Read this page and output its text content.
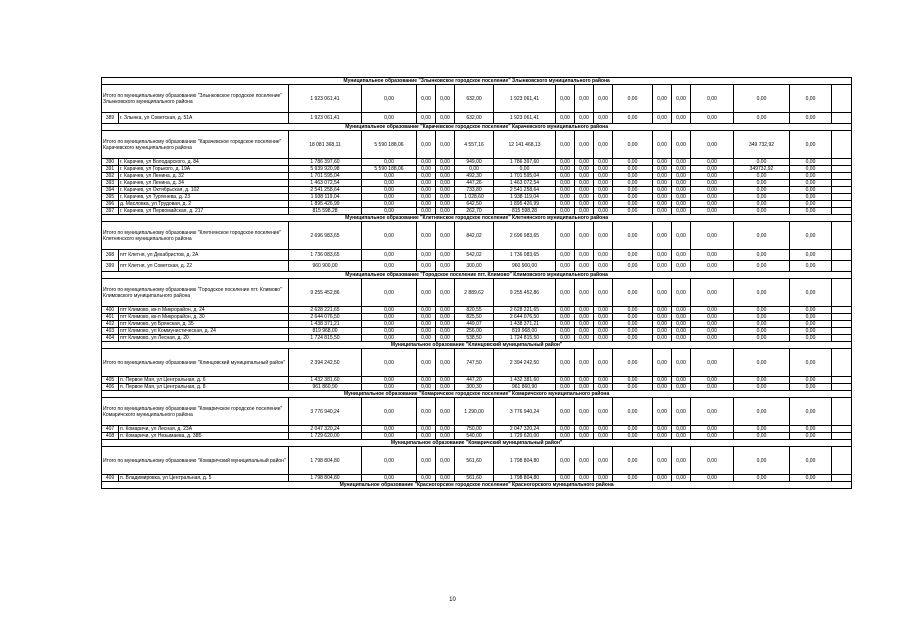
Муниципальное образование "Злынковское городское поселение" Злынковского муниципального района																	
Итого по муниципальному образованию "Злынковское городское поселение" Злынковского муниципального района		1 923 061,41	0,00	0,00	0,00	632,00	1 923 061,41	0,00	0,00	0,00	0,00	0,00	0,00	0,00	0,00	0,00	
389	г. Злынка, ул Советская, д. 51А	1 923 061,41	0,00	0,00	0,00	632,00	1 923 061,41	0,00	0,00	0,00	0,00	0,00	0,00	0,00	0,00	0,00	
Муниципальное образование "Карачевское городское поселение" Карачевского муниципального района																	
Итого по муниципальному образованию "Карачевское городское поселение" Карачевского муниципального района		18 081 368,11	5 590 188,06	0,00	0,00	4 557,16	12 141 468,13	0,00	0,00	0,00	0,00	0,00	0,00	0,00	349 732,92	0,00	
390	г. Карачев, ул Володарского, д. 84	1 786 397,60	0,00	0,00	0,00	949,00	1 786 397,60	0,00	0,00	0,00	0,00	0,00	0,00	0,00	0,00	0,00	
391	г. Карачев, ул Горького, д. 19А	5 939 920,98	5 590 188,06	0,00	0,00	0,00	0,00	0,00	0,00	0,00	0,00	0,00	0,00	0,00	349732,92	0,00	
392	г. Карачев, ул Ленина, д. 32	1 701 595,04	0,00	0,00	0,00	492,30	1 701 595,04	0,00	0,00	0,00	0,00	0,00	0,00	0,00	0,00	0,00	
393	г. Карачев, ул Ленина, д. 34	1 463 072,54	0,00	0,00	0,00	447,26	1 463 072,54	0,00	0,00	0,00	0,00	0,00	0,00	0,00	0,00	0,00	
394	г. Карачев, ул Октябрьская, д. 102	2 541 258,64	0,00	0,00	0,00	733,80	2 541 258,64	0,00	0,00	0,00	0,00	0,00	0,00	0,00	0,00	0,00	
395	г. Карачев, ул Тургенева, д. 23	1 938 119,04	0,00	0,00	0,00	1 028,60	1 938 119,04	0,00	0,00	0,00	0,00	0,00	0,00	0,00	0,00	0,00	
396	д. Масловка, ул Трудовая, д. 2	1 895 426,99	0,00	0,00	0,00	642,50	1 895 426,99	0,00	0,00	0,00	0,00	0,00	0,00	0,00	0,00	0,00	
397	г. Карачев, ул Первомайская, д. 217	815 598,28	0,00	0,00	0,00	262,70	815 598,28	0,00	0,00	0,00	0,00	0,00	0,00	0,00	0,00	0,00	
Муниципальное образование "Клетнянское городское поселение" Клетнянского муниципального района																	
Итого по муниципальному образованию "Клетнянское городское поселение" Клетнянского муниципального района		2 696 983,65	0,00	0,00	0,00	842,02	2 696 983,65	0,00	0,00	0,00	0,00	0,00	0,00	0,00	0,00	0,00	
398	пгт Клетня, ул Декабристов, д. 2А	1 736 083,65	0,00	0,00	0,00	542,02	1 736 083,65	0,00	0,00	0,00	0,00	0,00	0,00	0,00	0,00	0,00	
399	пгт Клетня, ул Советская, д. 22	960 900,00	0,00	0,00	0,00	300,00	960 900,00	0,00	0,00	0,00	0,00	0,00	0,00	0,00	0,00	0,00	
Муниципальное образование "Городское поселение пгт. Климово" Климовского муниципального района																	
Итого по муниципальному образованию "Городское поселение пгт. Климово" Климовского муниципального района		9 255 452,86	0,00	0,00	0,00	2 889,62	9 255 452,86	0,00	0,00	0,00	0,00	0,00	0,00	0,00	0,00	0,00	
400	пгт Климово, кв-л Микрорайон, д. 24	2 628 221,65	0,00	0,00	0,00	820,55	2 628 221,65	0,00	0,00	0,00	0,00	0,00	0,00	0,00	0,00	0,00	
401	пгт Климово, кв-л Микрорайон, д. 30	2 644 076,50	0,00	0,00	0,00	825,50	2 644 076,50	0,00	0,00	0,00	0,00	0,00	0,00	0,00	0,00	0,00	
402	пгт Климово, ул Брянская, д. 35	1 438 371,21	0,00	0,00	0,00	449,07	1 438 371,21	0,00	0,00	0,00	0,00	0,00	0,00	0,00	0,00	0,00	
403	пгт Климово, ул Коммунистическая, д. 24	819 968,00	0,00	0,00	0,00	256,00	819 968,00	0,00	0,00	0,00	0,00	0,00	0,00	0,00	0,00	0,00	
404	пгт Климово, ул Лесная, д. 20	1 724 815,50	0,00	0,00	0,00	538,50	1 724 815,50	0,00	0,00	0,00	0,00	0,00	0,00	0,00	0,00	0,00	
Муниципальное образование "Клинцовский муниципальный район"																	
Итого по муниципальному образованию "Клинцовский муниципальный район"		2 394 242,50	0,00	0,00	0,00	747,50	2 394 242,50	0,00	0,00	0,00	0,00	0,00	0,00	0,00	0,00	0,00	
405	п. Первое Мая, ул Центральная, д. 6	1 432 381,60	0,00	0,00	0,00	447,20	1 432 381,60	0,00	0,00	0,00	0,00	0,00	0,00	0,00	0,00	0,00	
406	п. Первое Мая, ул Центральная, д. 8	961 860,90	0,00	0,00	0,00	300,30	961 860,90	0,00	0,00	0,00	0,00	0,00	0,00	0,00	0,00	0,00	
Муниципальное образование "Комаричское городское поселение" Комаричского муниципального района																	
Итого по муниципальному образованию "Комаричское городское поселение" Комаричского муниципального района		3 776 940,24	0,00	0,00	0,00	1 290,00	3 776 940,24	0,00	0,00	0,00	0,00	0,00	0,00	0,00	0,00	0,00	
407	п. Комаричи, ул Лесная, д. 23А	2 047 320,24	0,00	0,00	0,00	750,00	2 047 320,24	0,00	0,00	0,00	0,00	0,00	0,00	0,00	0,00	0,00	
408	п. Комаричи, ул Незымаева, д. 38Б	1 729 620,00	0,00	0,00	0,00	540,00	1 729 620,00	0,00	0,00	0,00	0,00	0,00	0,00	0,00	0,00	0,00	
Муниципальное образование "Комаричский муниципальный район"																	
Итого по муниципальному образованию "Комаричский муниципальный район"		1 798 804,80	0,00	0,00	0,00	561,60	1 798 804,80	0,00	0,00	0,00	0,00	0,00	0,00	0,00	0,00	0,00	
409	п. Владимировка, ул Центральная, д. 5	1 798 804,80	0,00	0,00	0,00	561,60	1 798 804,80	0,00	0,00	0,00	0,00	0,00	0,00	0,00	0,00	0,00	
Муниципальное образование "Красногорское городское поселение" Красногорского муниципального района																	
10
